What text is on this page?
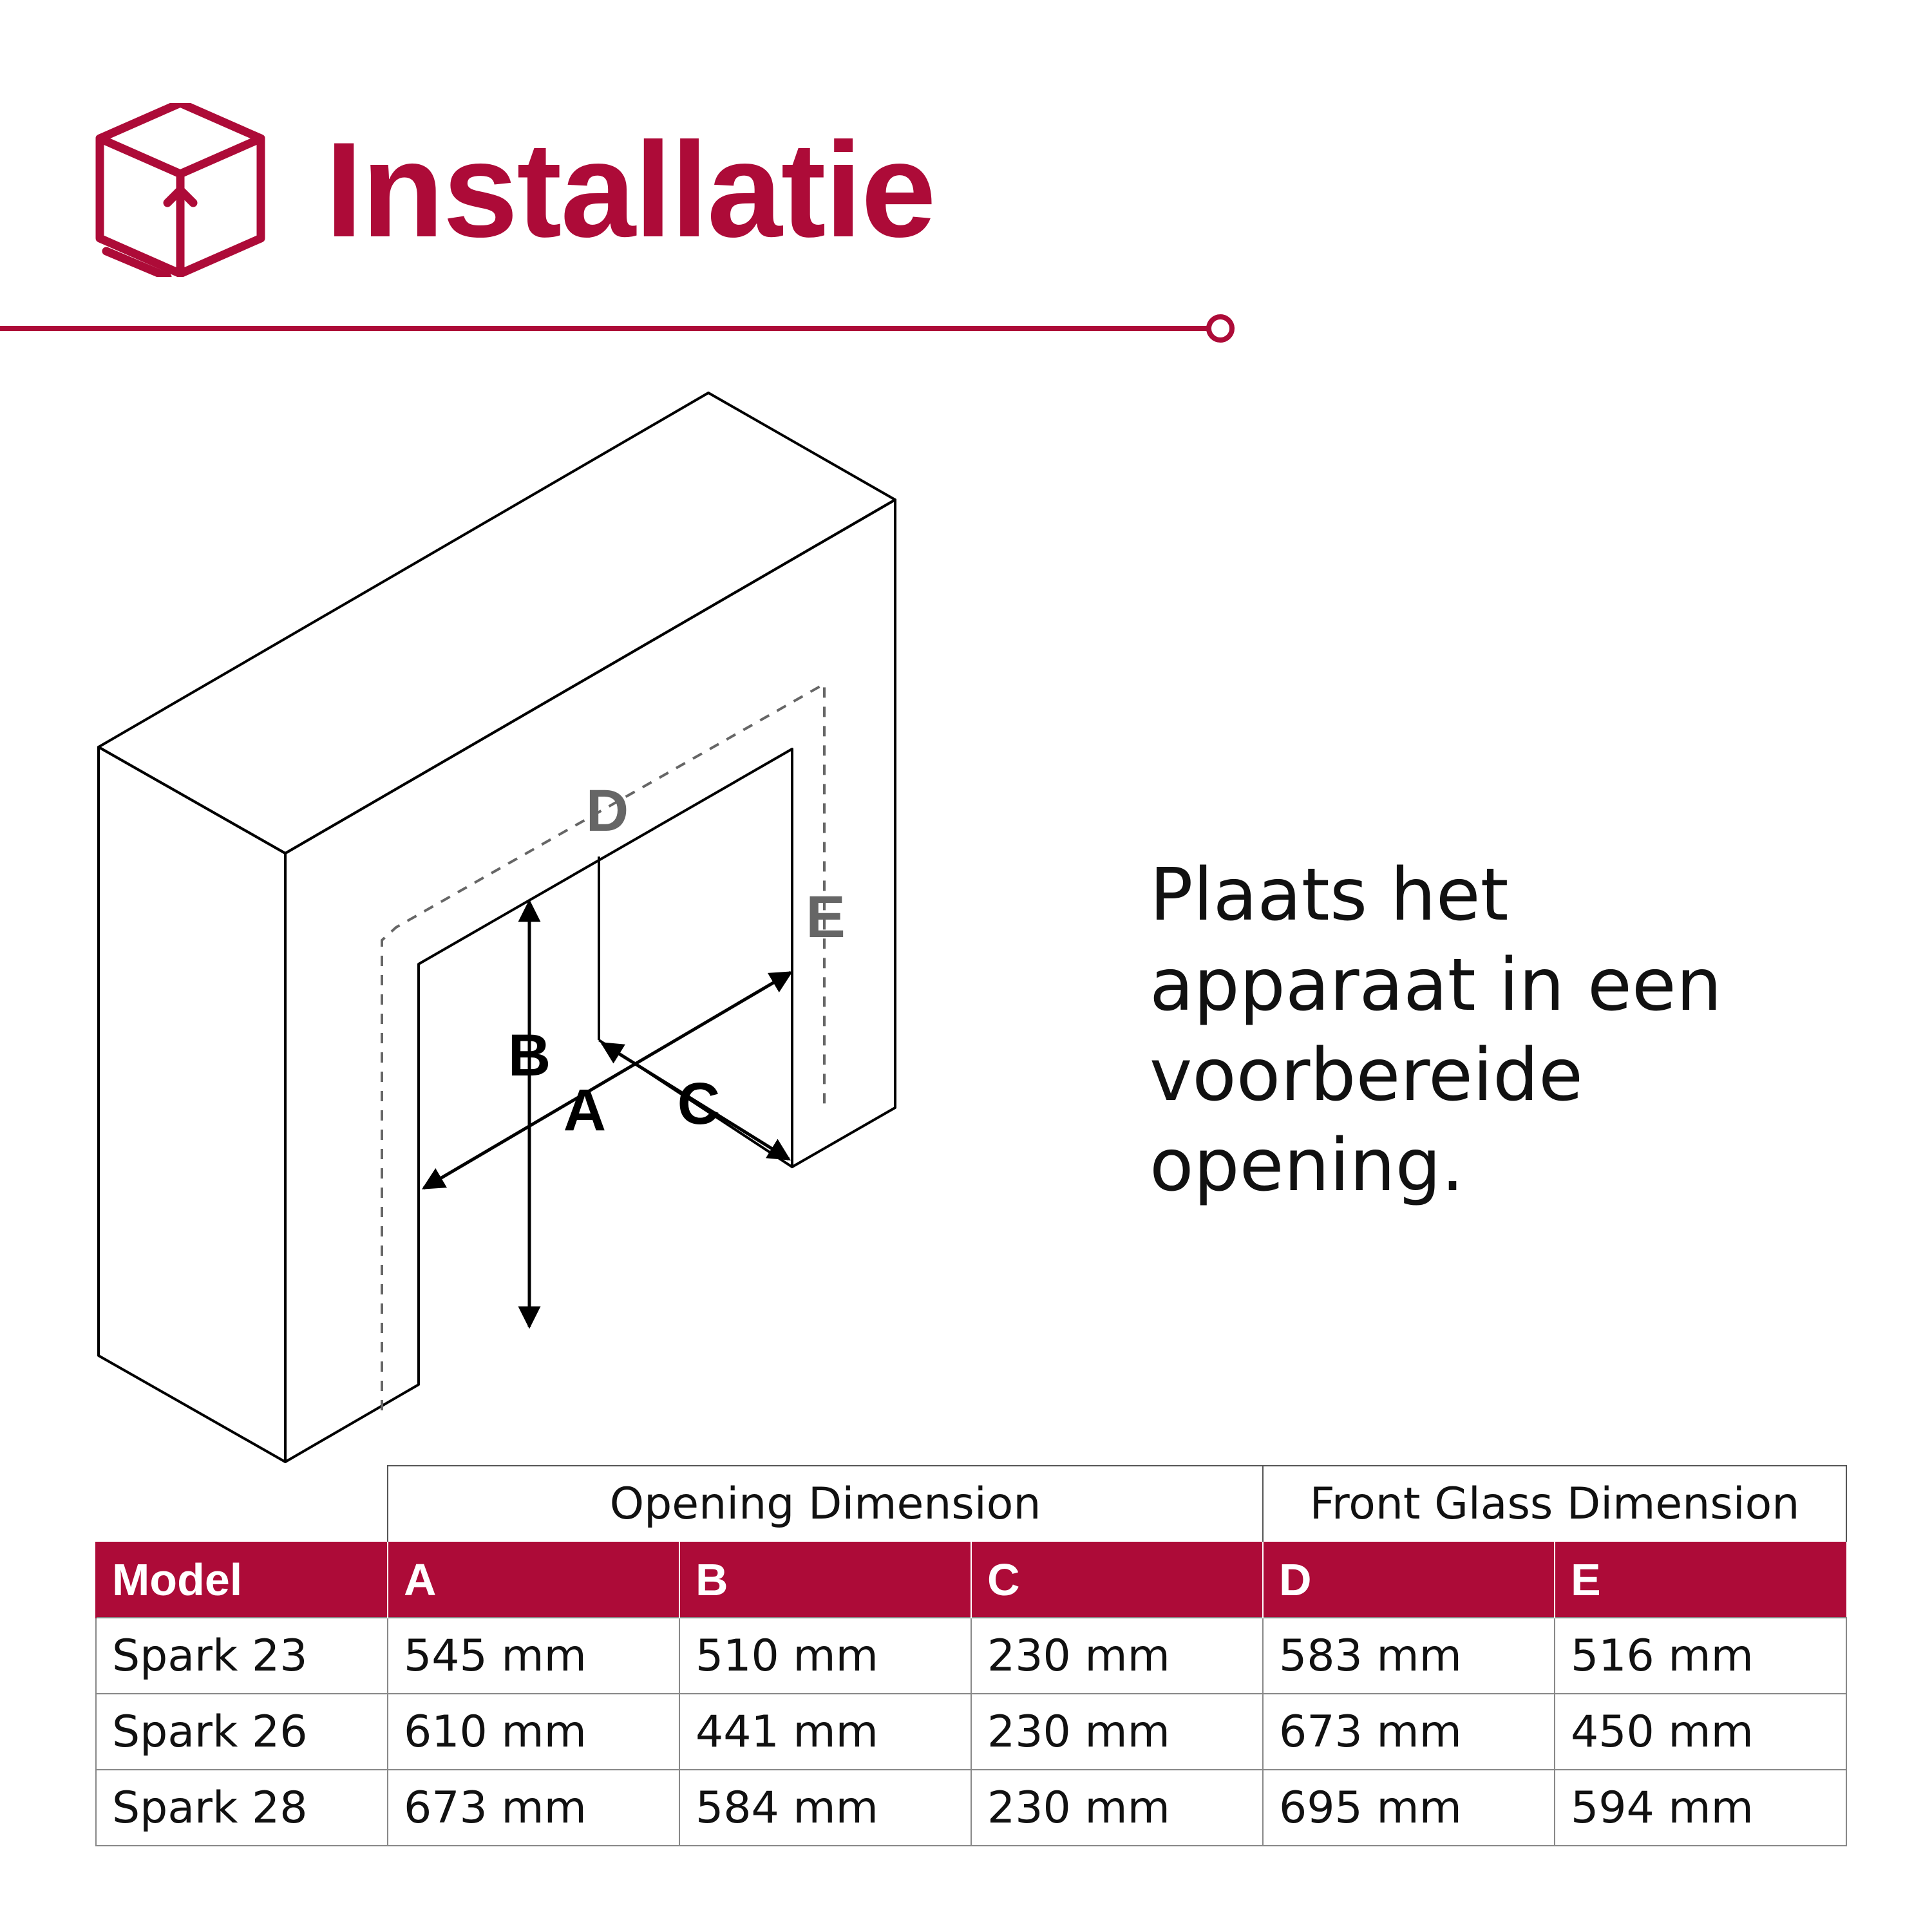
Installatie
B
A C
D
E	Plaats het
apparaat in een
voorbereide
opening.
	Opening Dimension			Front Glass Dimension	
Model	A	B	C	D	E
Spark 23	545 mm	510 mm	230 mm	583 mm	516 mm
Spark 26	610 mm	441 mm	230 mm	673 mm	450 mm
Spark 28	673 mm	584 mm	230 mm	695 mm	594 mm
